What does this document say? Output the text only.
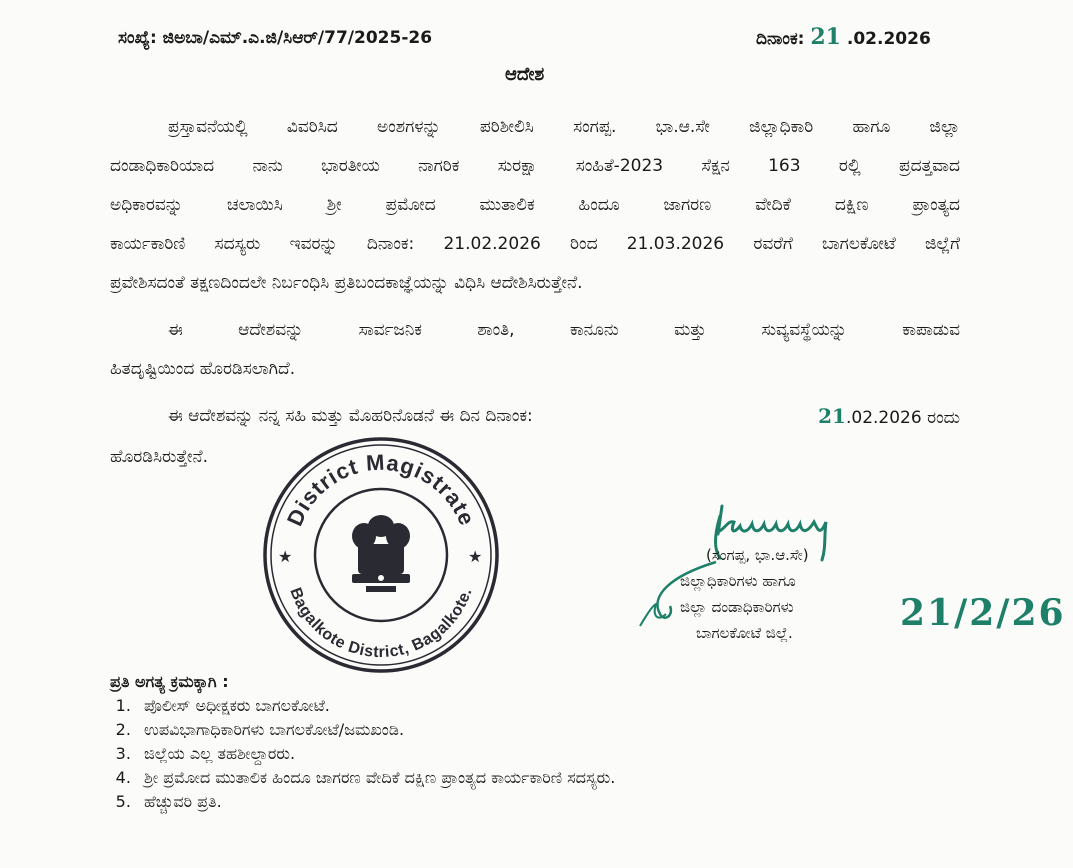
ಸಂಖ್ಯೆ: ಜಿಅಬಾ/ಎಮ್.ಎ.ಜಿ/ಸಿಆರ್/77/2025-26	ದಿನಾಂಕ: 21 .02.2026
ಆದೇಶ
ಪ್ರಸ್ತಾವನೆಯಲ್ಲಿ ವಿವರಿಸಿದ ಅಂಶಗಳನ್ನು ಪರಿಶೀಲಿಸಿ ಸಂಗಪ್ಪ. ಭಾ.ಆ.ಸೇ ಜಿಲ್ಲಾಧಿಕಾರಿ ಹಾಗೂ ಜಿಲ್ಲಾ
ದಂಡಾಧಿಕಾರಿಯಾದ ನಾನು ಭಾರತೀಯ ನಾಗರಿಕ ಸುರಕ್ಷಾ ಸಂಹಿತೆ-2023 ಸೆಕ್ಷನ 163 ರಲ್ಲಿ ಪ್ರದತ್ತವಾದ
ಅಧಿಕಾರವನ್ನು ಚಲಾಯಿಸಿ ಶ್ರೀ ಪ್ರಮೋದ ಮುತಾಲಿಕ ಹಿಂದೂ ಜಾಗರಣ ವೇದಿಕೆ ದಕ್ಷಿಣ ಪ್ರಾಂತ್ಯದ
ಕಾರ್ಯಕಾರಿಣಿ ಸದಸ್ಯರು ಇವರನ್ನು ದಿನಾಂಕ: 21.02.2026 ರಿಂದ 21.03.2026 ರವರೆಗೆ ಬಾಗಲಕೋಟೆ ಜಿಲ್ಲೆಗೆ
ಪ್ರವೇಶಿಸದಂತೆ ತಕ್ಷಣದಿಂದಲೇ ನಿರ್ಬಂಧಿಸಿ ಪ್ರತಿಬಂದಕಾಜ್ಞೆಯನ್ನು ವಿಧಿಸಿ ಆದೇಶಿಸಿರುತ್ತೇನೆ.
ಈ ಆದೇಶವನ್ನು ಸಾರ್ವಜನಿಕ ಶಾಂತಿ, ಕಾನೂನು ಮತ್ತು ಸುವ್ಯವಸ್ಥೆಯನ್ನು ಕಾಪಾಡುವ
ಹಿತದೃಷ್ಟಿಯಿಂದ ಹೊರಡಿಸಲಾಗಿದೆ.
ಈ ಆದೇಶವನ್ನು ನನ್ನ ಸಹಿ ಮತ್ತು ಮೊಹರಿನೊಡನೆ ಈ ದಿನ ದಿನಾಂಕ:	21.02.2026 ರಂದು
ಹೊರಡಿಸಿರುತ್ತೇನೆ.
District Magistrate
Bagalkote District, Bagalkote.
★	★	(ಸಂಗಪ್ಪ, ಭಾ.ಆ.ಸೇ)
ಜಿಲ್ಲಾಧಿಕಾರಿಗಳು ಹಾಗೂ
ಜಿಲ್ಲಾ ದಂಡಾಧಿಕಾರಿಗಳು
ಬಾಗಲಕೋಟೆ ಜಿಲ್ಲೆ.	21/2/26
ಪ್ರತಿ ಅಗತ್ಯ ಕ್ರಮಕ್ಕಾಗಿ :
1. ಪೊಲೀಸ್ ಅಧೀಕ್ಷಕರು ಬಾಗಲಕೋಟೆ.
2. ಉಪವಿಭಾಗಾಧಿಕಾರಿಗಳು ಬಾಗಲಕೋಟೆ/ಜಮಖಂಡಿ.
3. ಜಿಲ್ಲೆಯ ಎಲ್ಲ ತಹಶೀಲ್ದಾರರು.
4. ಶ್ರೀ ಪ್ರಮೋದ ಮುತಾಲಿಕ ಹಿಂದೂ ಜಾಗರಣ ವೇದಿಕೆ ದಕ್ಷಿಣ ಪ್ರಾಂತ್ಯದ ಕಾರ್ಯಕಾರಿಣಿ ಸದಸ್ಯರು.
5. ಹೆಚ್ಚುವರಿ ಪ್ರತಿ.
